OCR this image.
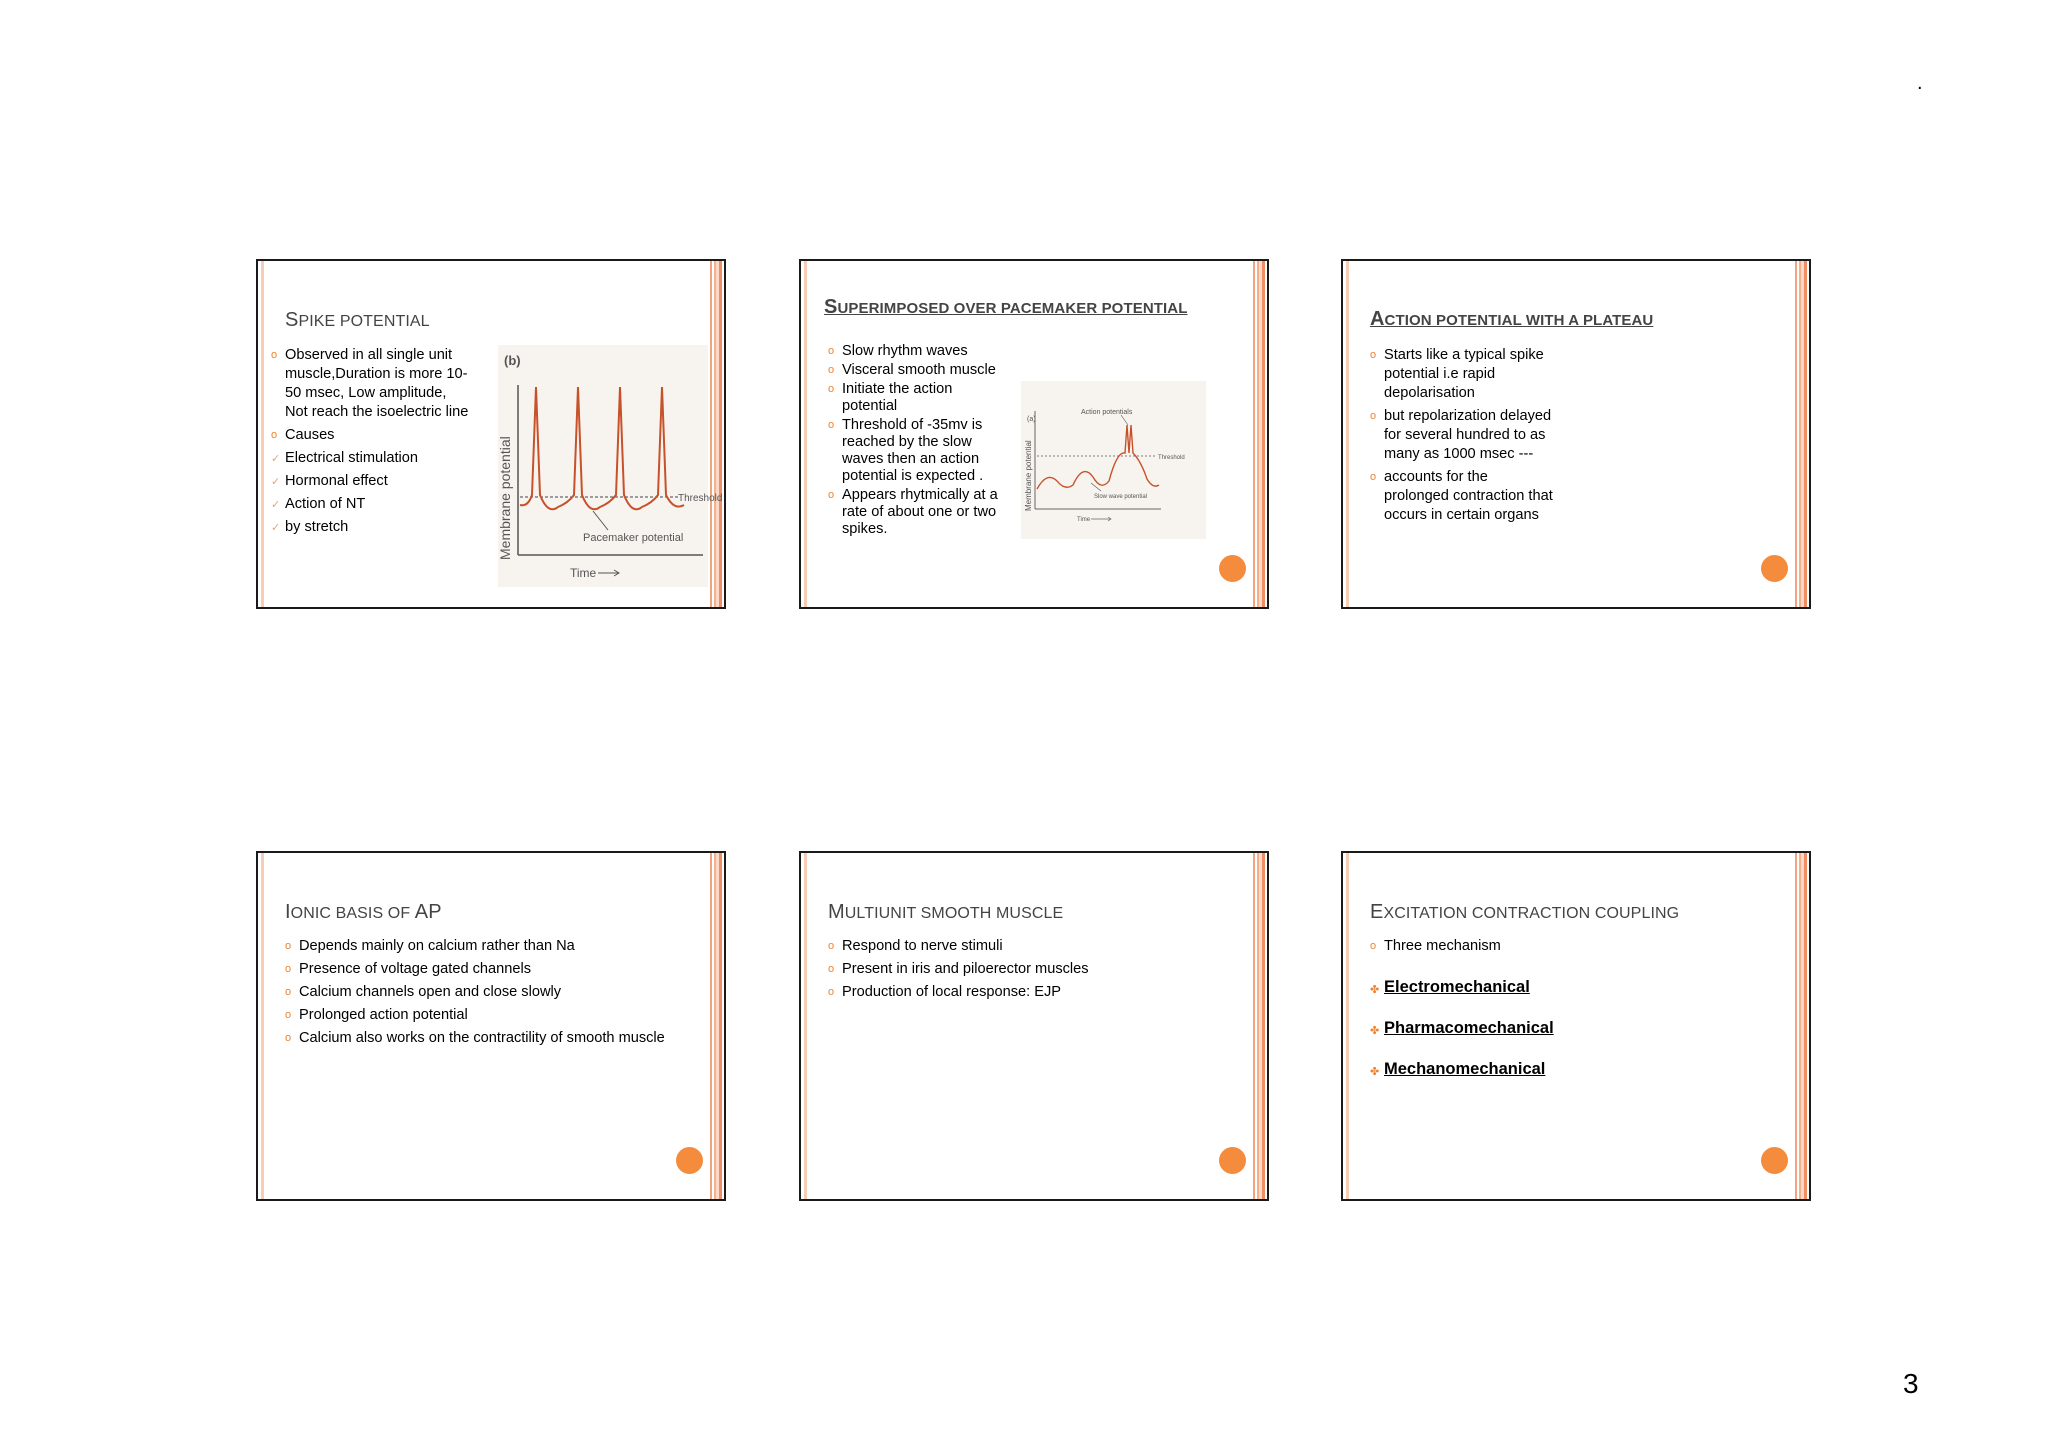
.
SPIKE POTENTIAL
o Observed in all single unit muscle,Duration is more 10-50 msec, Low amplitude, Not reach the isoelectric line
o Causes
✓ Electrical stimulation
✓ Hormonal effect
✓ Action of NT
✓ by stretch
(b)
Membrane potential	Threshold
Pacemaker potential
Time
SUPERIMPOSED OVER PACEMAKER POTENTIAL
o Slow rhythm waves
o Visceral smooth muscle
o Initiate the action potential
o Threshold of -35mv is reached by the slow waves then an action potential is expected .
o Appears rhytmically at a rate of about one or two spikes.
(a)
Membrane potential	Threshold
Action potentials
Slow wave potential
Time
ACTION POTENTIAL WITH A PLATEAU
o Starts like a typical spike potential i.e rapid depolarisation
o but repolarization delayed for several hundred to as many as 1000 msec ---
o accounts for the prolonged contraction that occurs in certain organs
IONIC BASIS OF AP
o Depends mainly on calcium rather than Na
o Presence of voltage gated channels
o Calcium channels open and close slowly
o Prolonged action potential
o Calcium also works on the contractility of smooth muscle
MULTIUNIT SMOOTH MUSCLE
o Respond to nerve stimuli
o Present in iris and piloerector muscles
o Production of local response: EJP
EXCITATION CONTRACTION COUPLING
o Three mechanism
✤ Electromechanical
✤ Pharmacomechanical
✤ Mechanomechanical
3
